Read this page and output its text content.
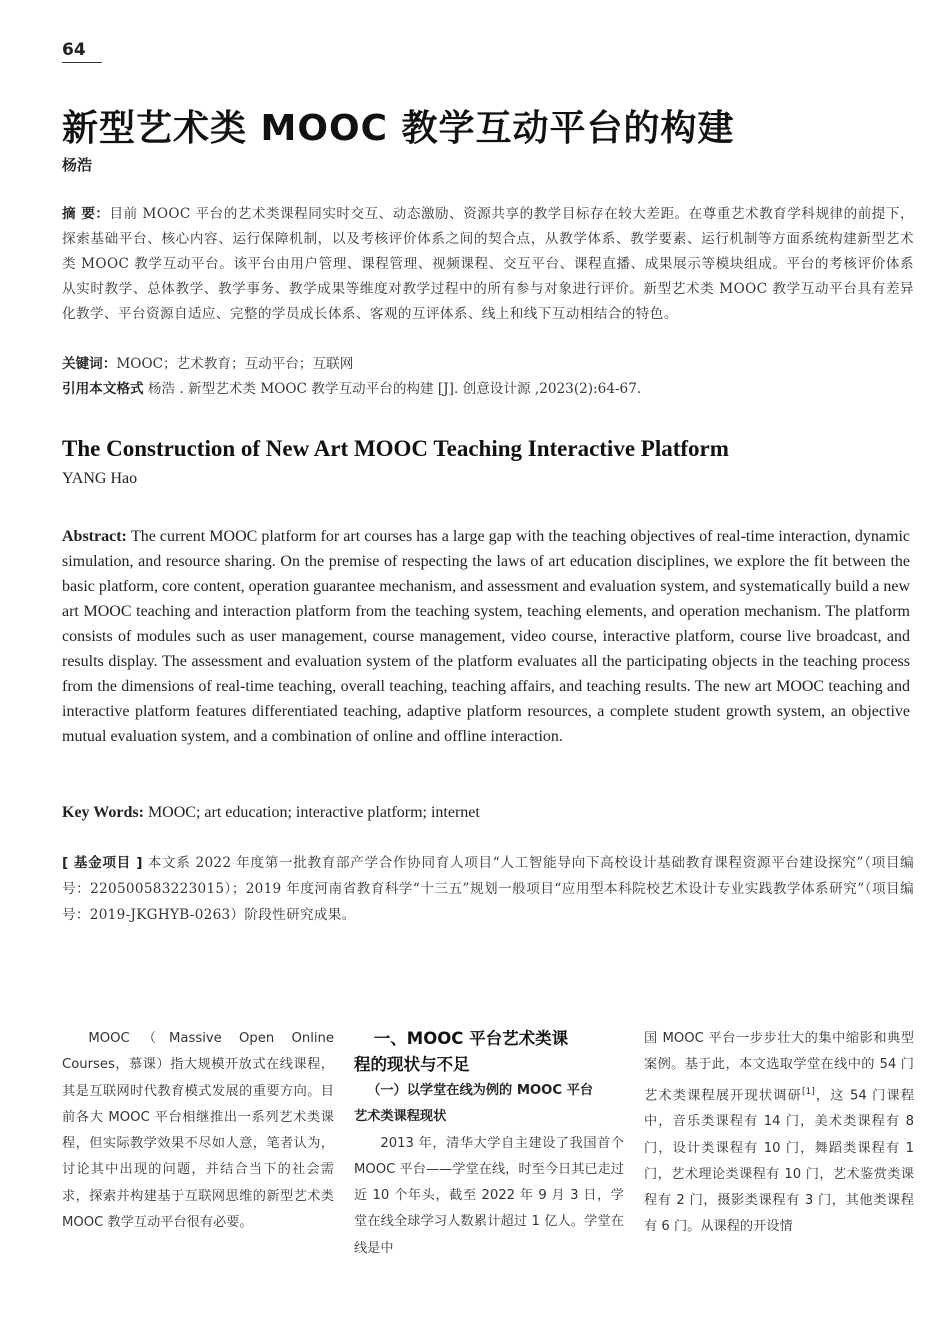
64
新型艺术类 MOOC 教学互动平台的构建
杨浩
摘 要：目前 MOOC 平台的艺术类课程同实时交互、动态激励、资源共享的教学目标存在较大差距。在尊重艺术教育学科规律的前提下，探索基础平台、核心内容、运行保障机制，以及考核评价体系之间的契合点，从教学体系、教学要素、运行机制等方面系统构建新型艺术类 MOOC 教学互动平台。该平台由用户管理、课程管理、视频课程、交互平台、课程直播、成果展示等模块组成。平台的考核评价体系从实时教学、总体教学、教学事务、教学成果等维度对教学过程中的所有参与对象进行评价。新型艺术类 MOOC 教学互动平台具有差异化教学、平台资源自适应、完整的学员成长体系、客观的互评体系、线上和线下互动相结合的特色。
关键词：MOOC；艺术教育；互动平台；互联网
引用本文格式 杨浩 . 新型艺术类 MOOC 教学互动平台的构建 [J]. 创意设计源 ,2023(2):64-67.
The Construction of New Art MOOC Teaching Interactive Platform
YANG Hao
Abstract: The current MOOC platform for art courses has a large gap with the teaching objectives of real-time interaction, dynamic simulation, and resource sharing. On the premise of respecting the laws of art education disciplines, we explore the fit between the basic platform, core content, operation guarantee mechanism, and assessment and evaluation system, and systematically build a new art MOOC teaching and interaction platform from the teaching system, teaching elements, and operation mechanism. The platform consists of modules such as user management, course management, video course, interactive platform, course live broadcast, and results display. The assessment and evaluation system of the platform evaluates all the participating objects in the teaching process from the dimensions of real-time teaching, overall teaching, teaching affairs, and teaching results. The new art MOOC teaching and interactive platform features differentiated teaching, adaptive platform resources, a complete student growth system, an objective mutual evaluation system, and a combination of online and offline interaction.
Key Words: MOOC; art education; interactive platform; internet
[ 基金项目 ] 本文系 2022 年度第一批教育部产学合作协同育人项目“人工智能导向下高校设计基础教育课程资源平台建设探究”（项目编号：220500583223015）；2019 年度河南省教育科学“十三五”规划一般项目“应用型本科院校艺术设计专业实践教学体系研究”（项目编号：2019-JKGHYB-0263）阶段性研究成果。
MOOC（Massive Open Online Courses，慕课）指大规模开放式在线课程，其是互联网时代教育模式发展的重要方向。目前各大 MOOC 平台相继推出一系列艺术类课程，但实际教学效果不尽如人意，笔者认为，讨论其中出现的问题，并结合当下的社会需求，探索并构建基于互联网思维的新型艺术类 MOOC 教学互动平台很有必要。
一、MOOC 平台艺术类课
程的现状与不足
（一）以学堂在线为例的 MOOC 平台
艺术类课程现状

2013 年，清华大学自主建设了我国首个 MOOC 平台——学堂在线，时至今日其已走过近 10 个年头，截至 2022 年 9 月 3 日，学堂在线全球学习人数累计超过 1 亿人。学堂在线是中

国 MOOC 平台一步步壮大的集中缩影和典型案例。基于此，本文选取学堂在线中的 54 门艺术类课程展开现状调研[1]，这 54 门课程中，音乐类课程有 14 门，美术类课程有 8 门，设计类课程有 10 门，舞蹈类课程有 1 门，艺术理论类课程有 10 门，艺术鉴赏类课程有 2 门，摄影类课程有 3 门，其他类课程有 6 门。从课程的开设情
